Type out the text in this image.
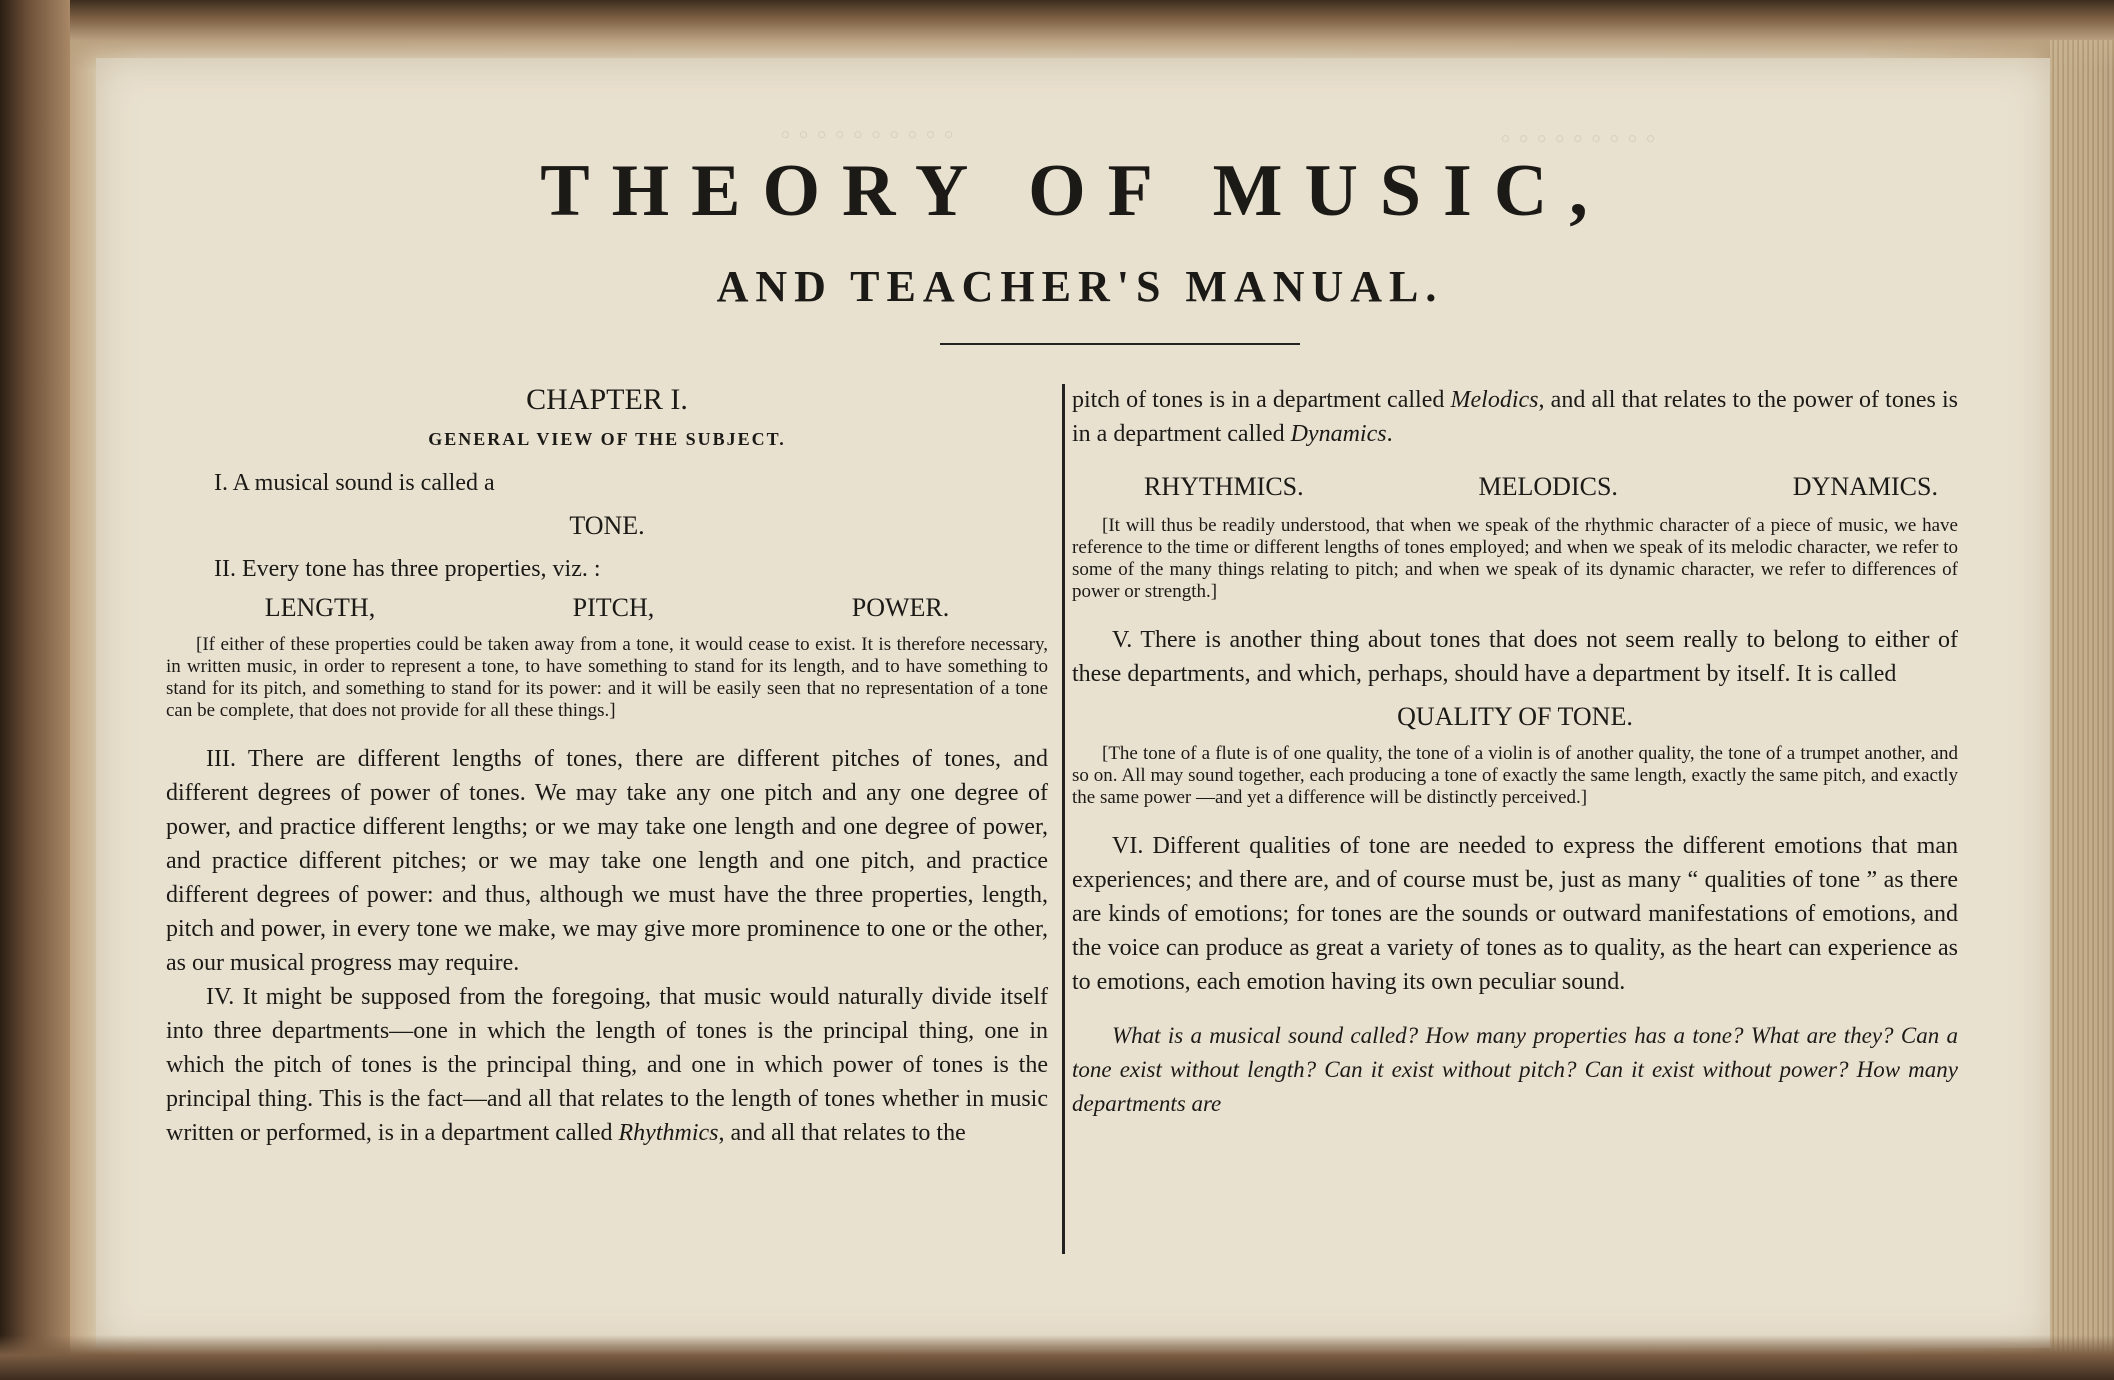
◦ ◦ ◦ ◦ ◦ ◦ ◦ ◦ ◦ ◦	◦ ◦ ◦ ◦ ◦ ◦ ◦ ◦ ◦
THEORY OF MUSIC,
AND TEACHER'S MANUAL.
CHAPTER I.
GENERAL VIEW OF THE SUBJECT.

I. A musical sound is called a

TONE.

II. Every tone has three properties, viz. :

LENGTH,	PITCH,	POWER.

[If either of these properties could be taken away from a tone, it would cease to exist. It is therefore necessary, in written music, in order to represent a tone, to have something to stand for its length, and to have something to stand for its pitch, and something to stand for its power: and it will be easily seen that no representation of a tone can be complete, that does not provide for all these things.]

III. There are different lengths of tones, there are different pitches of tones, and different degrees of power of tones. We may take any one pitch and any one degree of power, and practice different lengths; or we may take one length and one degree of power, and practice different pitches; or we may take one length and one pitch, and practice different degrees of power: and thus, although we must have the three properties, length, pitch and power, in every tone we make, we may give more prominence to one or the other, as our musical progress may require.

IV. It might be supposed from the foregoing, that music would naturally divide itself into three departments—one in which the length of tones is the principal thing, one in which the pitch of tones is the principal thing, and one in which power of tones is the principal thing. This is the fact—and all that relates to the length of tones whether in music written or performed, is in a department called Rhythmics, and all that relates to the

pitch of tones is in a department called Melodics, and all that relates to the power of tones is in a department called Dynamics.

RHYTHMICS.	MELODICS.	DYNAMICS.

[It will thus be readily understood, that when we speak of the rhythmic character of a piece of music, we have reference to the time or different lengths of tones employed; and when we speak of its melodic character, we refer to some of the many things relating to pitch; and when we speak of its dynamic character, we refer to differences of power or strength.]

V. There is another thing about tones that does not seem really to belong to either of these departments, and which, perhaps, should have a department by itself. It is called

QUALITY OF TONE.

[The tone of a flute is of one quality, the tone of a violin is of another quality, the tone of a trumpet another, and so on. All may sound together, each producing a tone of exactly the same length, exactly the same pitch, and exactly the same power —and yet a difference will be distinctly perceived.]

VI. Different qualities of tone are needed to express the different emotions that man experiences; and there are, and of course must be, just as many “ qualities of tone ” as there are kinds of emotions; for tones are the sounds or outward manifestations of emotions, and the voice can produce as great a variety of tones as to quality, as the heart can experience as to emotions, each emotion having its own peculiar sound.

What is a musical sound called? How many properties has a tone? What are they? Can a tone exist without length? Can it exist without pitch? Can it exist without power? How many departments are
